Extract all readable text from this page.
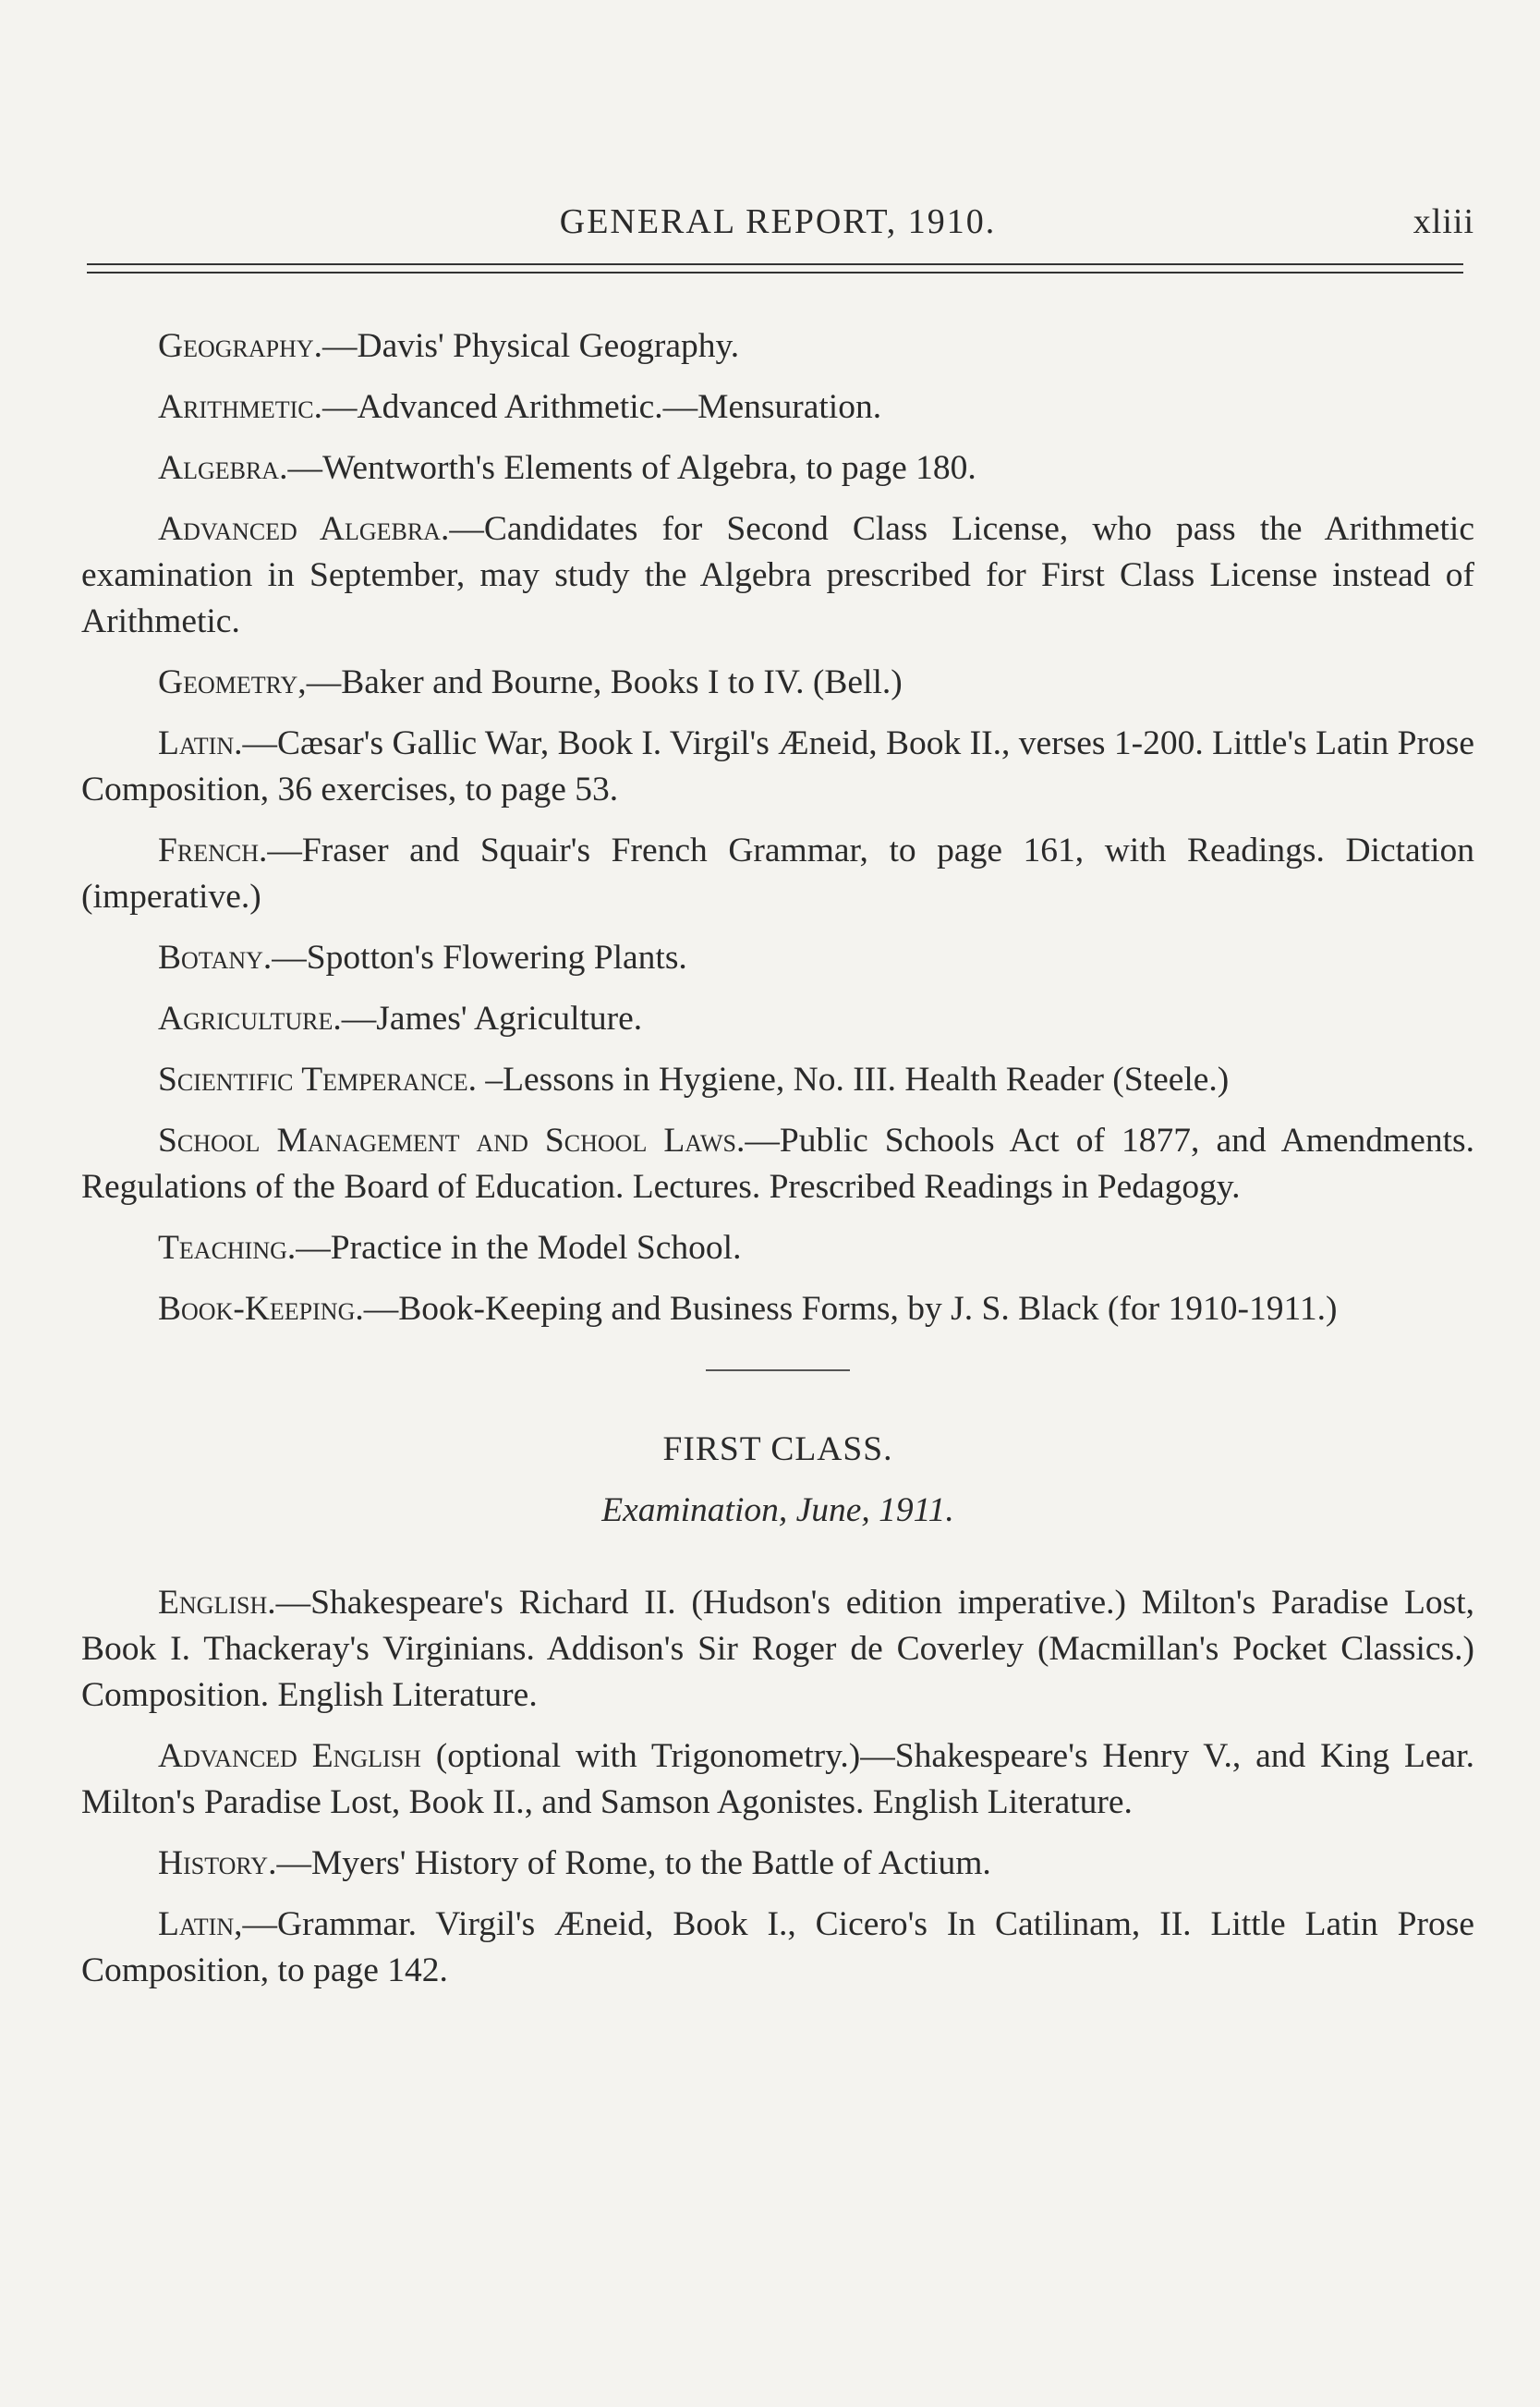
GENERAL REPORT, 1910.	xliii

Geography.—Davis' Physical Geography.

Arithmetic.—Advanced Arithmetic.—Mensuration.

Algebra.—Wentworth's Elements of Algebra, to page 180.

Advanced Algebra.—Candidates for Second Class License, who pass the Arithmetic examination in September, may study the Algebra prescribed for First Class License instead of Arithmetic.

Geometry,—Baker and Bourne, Books I to IV. (Bell.)

Latin.—Cæsar's Gallic War, Book I. Virgil's Æneid, Book II., verses 1-200. Little's Latin Prose Composition, 36 exercises, to page 53.

French.—Fraser and Squair's French Grammar, to page 161, with Readings. Dictation (imperative.)

Botany.—Spotton's Flowering Plants.

Agriculture.—James' Agriculture.

Scientific Temperance. –Lessons in Hygiene, No. III. Health Reader (Steele.)

School Management and School Laws.—Public Schools Act of 1877, and Amendments. Regulations of the Board of Education. Lectures. Prescribed Readings in Pedagogy.

Teaching.—Practice in the Model School.

Book-Keeping.—Book-Keeping and Business Forms, by J. S. Black (for 1910-1911.)

FIRST CLASS.

Examination, June, 1911.

English.—Shakespeare's Richard II. (Hudson's edition imperative.) Milton's Paradise Lost, Book I. Thackeray's Virginians. Addison's Sir Roger de Coverley (Macmillan's Pocket Classics.) Composition. English Literature.

Advanced English (optional with Trigonometry.)—Shakespeare's Henry V., and King Lear. Milton's Paradise Lost, Book II., and Samson Agonistes. English Literature.

History.—Myers' History of Rome, to the Battle of Actium.

Latin,—Grammar. Virgil's Æneid, Book I., Cicero's In Catilinam, II. Little Latin Prose Composition, to page 142.
